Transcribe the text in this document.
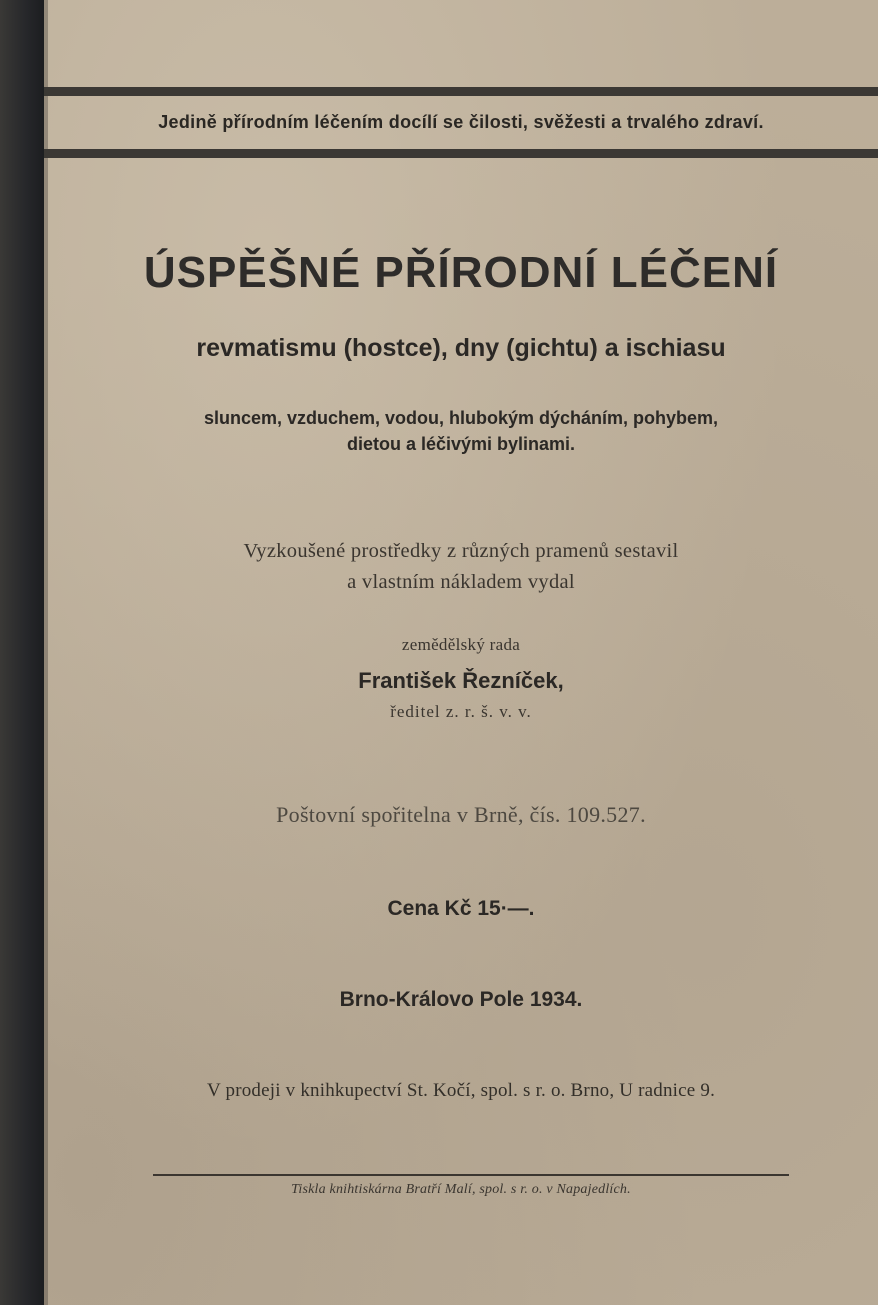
Jedině přírodním léčením docílí se čilosti, svěžesti a trvalého zdraví.
ÚSPĚŠNÉ PŘÍRODNÍ LÉČENÍ
revmatismu (hostce), dny (gichtu) a ischiasu
sluncem, vzduchem, vodou, hlubokým dýcháním, pohybem,
dietou a léčivými bylinami.
Vyzkoušené prostředky z různých pramenů sestavil
a vlastním nákladem vydal
zemědělský rada
František Řezníček,
ředitel z. r. š. v. v.
Poštovní spořitelna v Brně, čís. 109.527.
Cena Kč 15·—.
Brno-Královo Pole 1934.
V prodeji v knihkupectví St. Kočí, spol. s r. o. Brno, U radnice 9.
Tiskla knihtiskárna Bratří Malí, spol. s r. o. v Napajedlích.
